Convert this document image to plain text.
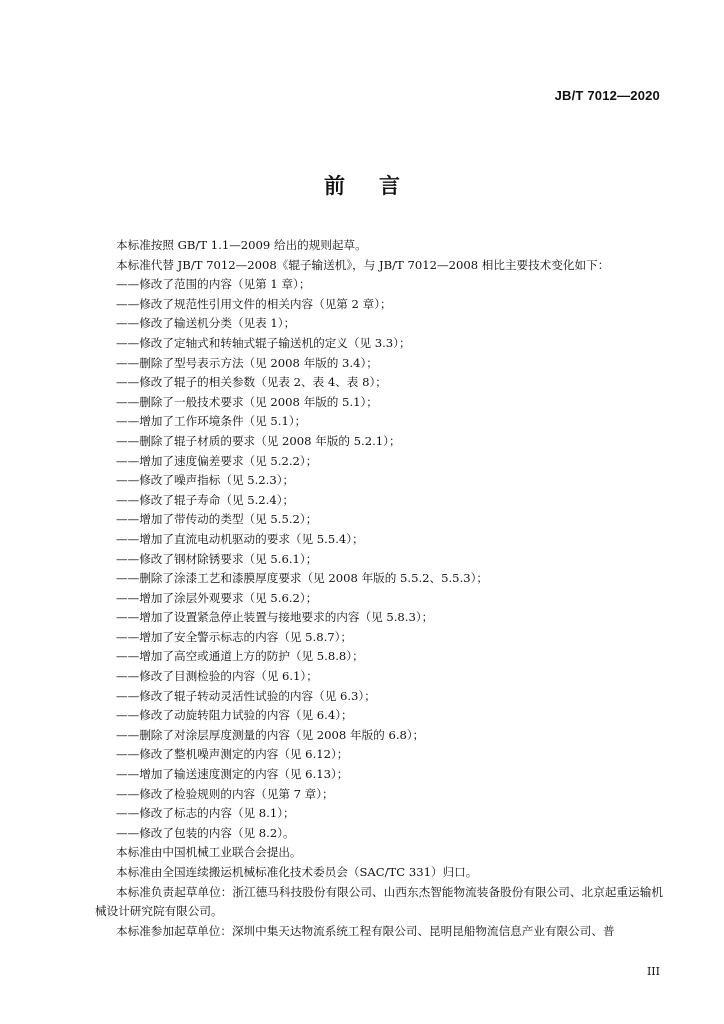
JB/T 7012—2020
前言

本标准按照 GB/T 1.1—2009 给出的规则起草。

本标准代替 JB/T 7012—2008《辊子输送机》，与 JB/T 7012—2008 相比主要技术变化如下：

——修改了范围的内容（见第 1 章）；

——修改了规范性引用文件的相关内容（见第 2 章）；

——修改了输送机分类（见表 1）；

——修改了定轴式和转轴式辊子输送机的定义（见 3.3）；

——删除了型号表示方法（见 2008 年版的 3.4）；

——修改了辊子的相关参数（见表 2、表 4、表 8）；

——删除了一般技术要求（见 2008 年版的 5.1）；

——增加了工作环境条件（见 5.1）；

——删除了辊子材质的要求（见 2008 年版的 5.2.1）；

——增加了速度偏差要求（见 5.2.2）；

——修改了噪声指标（见 5.2.3）；

——修改了辊子寿命（见 5.2.4）；

——增加了带传动的类型（见 5.5.2）；

——增加了直流电动机驱动的要求（见 5.5.4）；

——修改了钢材除锈要求（见 5.6.1）；

——删除了涂漆工艺和漆膜厚度要求（见 2008 年版的 5.5.2、5.5.3）；

——增加了涂层外观要求（见 5.6.2）；

——增加了设置紧急停止装置与接地要求的内容（见 5.8.3）；

——增加了安全警示标志的内容（见 5.8.7）；

——增加了高空或通道上方的防护（见 5.8.8）；

——修改了目测检验的内容（见 6.1）；

——修改了辊子转动灵活性试验的内容（见 6.3）；

——修改了动旋转阻力试验的内容（见 6.4）；

——删除了对涂层厚度测量的内容（见 2008 年版的 6.8）；

——修改了整机噪声测定的内容（见 6.12）；

——增加了输送速度测定的内容（见 6.13）；

——修改了检验规则的内容（见第 7 章）；

——修改了标志的内容（见 8.1）；

——修改了包装的内容（见 8.2）。

本标准由中国机械工业联合会提出。

本标准由全国连续搬运机械标准化技术委员会（SAC/TC 331）归口。

本标准负责起草单位：浙江德马科技股份有限公司、山西东杰智能物流装备股份有限公司、北京起重运输机械设计研究院有限公司。

本标准参加起草单位：深圳中集天达物流系统工程有限公司、昆明昆船物流信息产业有限公司、普

III
